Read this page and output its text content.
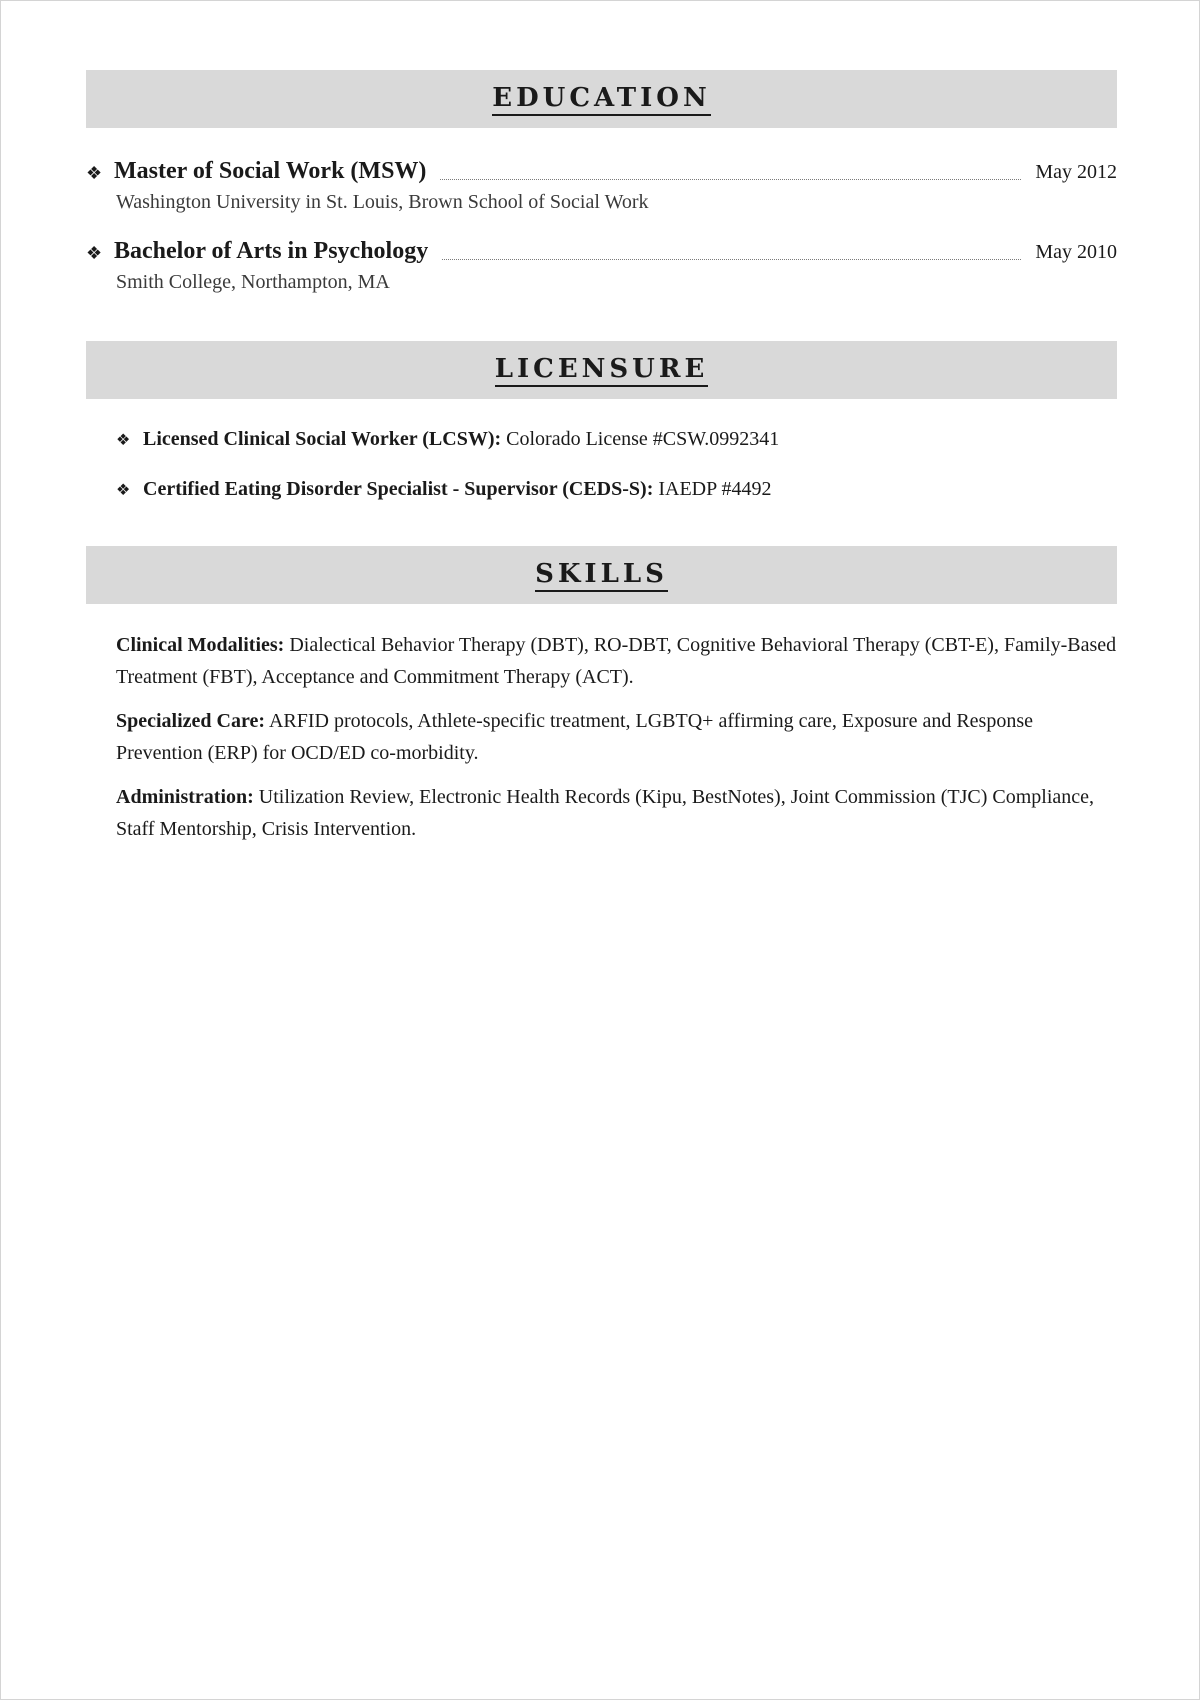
EDUCATION
❖ Master of Social Work (MSW)	May 2012
Washington University in St. Louis, Brown School of Social Work
❖ Bachelor of Arts in Psychology	May 2010
Smith College, Northampton, MA
LICENSURE
❖ Licensed Clinical Social Worker (LCSW): Colorado License #CSW.0992341
❖ Certified Eating Disorder Specialist - Supervisor (CEDS-S): IAEDP #4492
SKILLS
Clinical Modalities: Dialectical Behavior Therapy (DBT), RO-DBT, Cognitive Behavioral Therapy (CBT-E), Family-Based Treatment (FBT), Acceptance and Commitment Therapy (ACT).
Specialized Care: ARFID protocols, Athlete-specific treatment, LGBTQ+ affirming care, Exposure and Response Prevention (ERP) for OCD/ED co-morbidity.
Administration: Utilization Review, Electronic Health Records (Kipu, BestNotes), Joint Commission (TJC) Compliance, Staff Mentorship, Crisis Intervention.
